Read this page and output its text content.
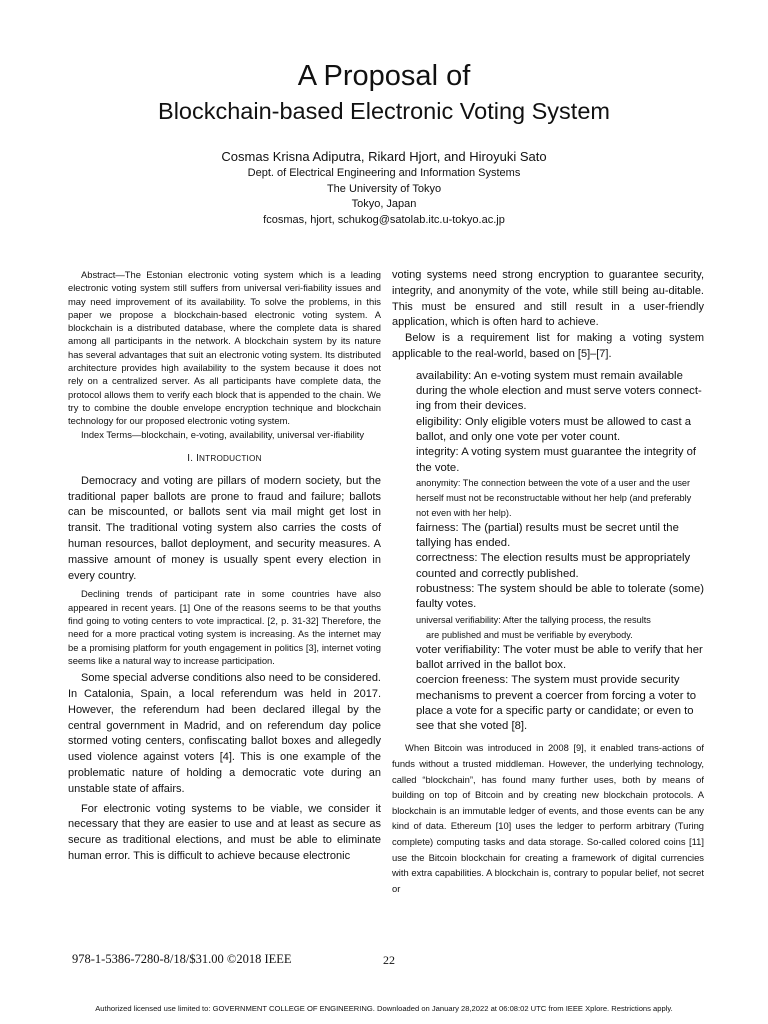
A Proposal of
Blockchain-based Electronic Voting System
Cosmas Krisna Adiputra, Rikard Hjort, and Hiroyuki Sato
Dept. of Electrical Engineering and Information Systems
The University of Tokyo
Tokyo, Japan
fcosmas, hjort, schukog@satolab.itc.u-tokyo.ac.jp

Abstract—The Estonian electronic voting system which is a leading electronic voting system still suffers from universal veri-fiability issues and may need improvement of its availability. To solve the problems, in this paper we propose a blockchain-based electronic voting system. A blockchain is a distributed database, where the complete data is shared among all participants in the network. A blockchain system by its nature has several advantages that suit an electronic voting system. Its distributed architecture provides high availability to the system because it does not rely on a centralized server. As all participants have complete data, the protocol allows them to verify each block that is appended to the chain. We try to combine the double envelope encryption technique and blockchain technology for our proposed electronic voting system.

Index Terms—blockchain, e-voting, availability, universal ver-ifiability

I. INTRODUCTION

Democracy and voting are pillars of modern society, but the traditional paper ballots are prone to fraud and failure; ballots can be miscounted, or ballots sent via mail might get lost in transit. The traditional voting system also carries the costs of human resources, ballot deployment, and security measures. A massive amount of money is usually spent every election in every country.

Declining trends of participant rate in some countries have also appeared in recent years. [1] One of the reasons seems to be that youths find going to voting centers to vote impractical. [2, p. 31-32] Therefore, the need for a more practical voting system is increasing. As the internet may be a promising platform for youth engagement in politics [3], internet voting seems like a natural way to increase participation.

Some special adverse conditions also need to be considered. In Catalonia, Spain, a local referendum was held in 2017. However, the referendum had been declared illegal by the central government in Madrid, and on referendum day police stormed voting centers, confiscating ballot boxes and allegedly used violence against voters [4]. This is one example of the problematic nature of holding a democratic vote during an unstable state of affairs.

For electronic voting systems to be viable, we consider it necessary that they are easier to use and at least as secure as secure as traditional elections, and must be able to eliminate human error. This is difficult to achieve because electronic

voting systems need strong encryption to guarantee security, integrity, and anonymity of the vote, while still being au-ditable. This must be ensured and still result in a user-friendly application, which is often hard to achieve.

Below is a requirement list for making a voting system applicable to the real-world, based on [5]–[7].

availability: An e-voting system must remain available during the whole election and must serve voters connect-ing from their devices.

eligibility: Only eligible voters must be allowed to cast a ballot, and only one vote per voter count.

integrity: A voting system must guarantee the integrity of the vote.

anonymity: The connection between the vote of a user and the user herself must not be reconstructable without her help (and preferably not even with her help).

fairness: The (partial) results must be secret until the tallying has ended.

correctness: The election results must be appropriately counted and correctly published.

robustness: The system should be able to tolerate (some) faulty votes.

universal verifiability: After the tallying process, the results

are published and must be verifiable by everybody.

voter verifiability: The voter must be able to verify that her ballot arrived in the ballot box.

coercion freeness: The system must provide security mechanisms to prevent a coercer from forcing a voter to place a vote for a specific party or candidate; or even to see that she voted [8].

When Bitcoin was introduced in 2008 [9], it enabled trans-actions of funds without a trusted middleman. However, the underlying technology, called “blockchain”, has found many further uses, both by means of building on top of Bitcoin and by creating new blockchain protocols. A blockchain is an immutable ledger of events, and those events can be any kind of data. Ethereum [10] uses the ledger to perform arbitrary (Turing complete) computing tasks and data storage. So-called colored coins [11] use the Bitcoin blockchain for creating a framework of digital currencies with extra capabilities. A blockchain is, contrary to popular belief, not secret or

978-1-5386-7280-8/18/$31.00 ©2018 IEEE	22
Authorized licensed use limited to: GOVERNMENT COLLEGE OF ENGINEERING. Downloaded on January 28,2022 at 06:08:02 UTC from IEEE Xplore. Restrictions apply.
